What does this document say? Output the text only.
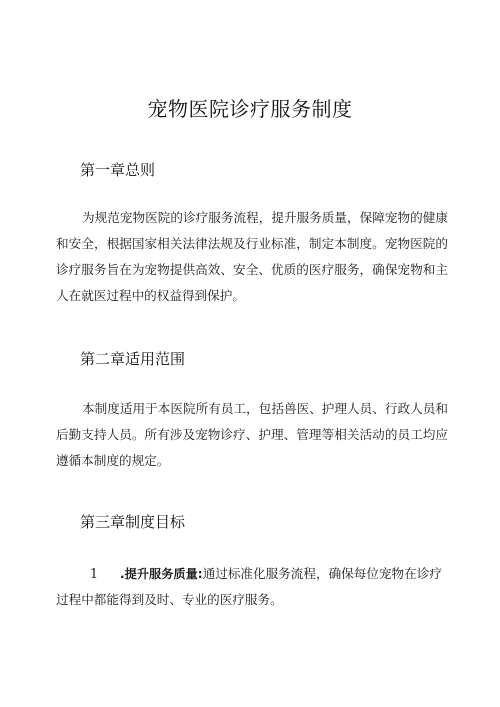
宠物医院诊疗服务制度
第一章总则

为规范宠物医院的诊疗服务流程，提升服务质量，保障宠物的健康和安全，根据国家相关法律法规及行业标准，制定本制度。宠物医院的诊疗服务旨在为宠物提供高效、安全、优质的医疗服务，确保宠物和主人在就医过程中的权益得到保护。

第二章适用范围

本制度适用于本医院所有员工，包括兽医、护理人员、行政人员和后勤支持人员。所有涉及宠物诊疗、护理、管理等相关活动的员工均应遵循本制度的规定。

第三章制度目标

1 .提升服务质量:通过标准化服务流程，确保每位宠物在诊疗过程中都能得到及时、专业的医疗服务。
